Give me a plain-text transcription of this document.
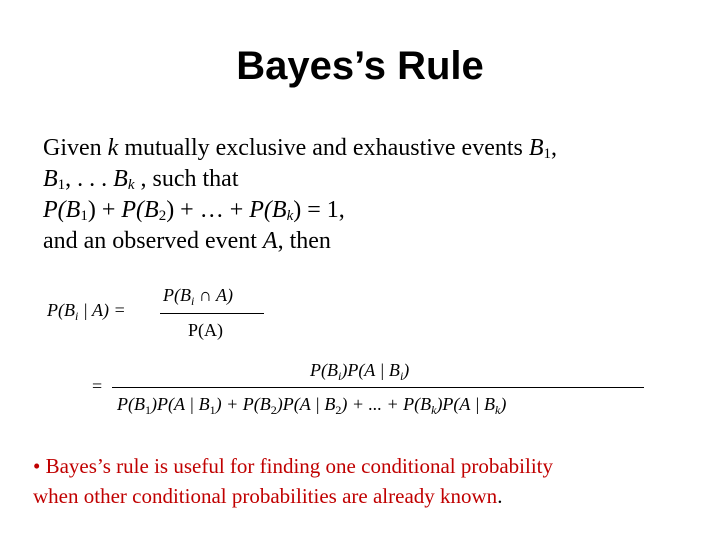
Bayes’s Rule
Given k mutually exclusive and exhaustive events $B_1$,
$B_1$, . . . $B_k$ , such that
$P(B_1) + P(B_2)$ + … + $P(B_k) = 1$,
and an observed event A, then
$P(B_i$ | A) =
$P(B_i$ ∩ A)
P(A)
=
$P(B_i)P(A$ | $B_i$)
$P(B_1)P(A$ | $B_1) + P(B_2)P(A$ | $B_2$) + ... + $P(B_k)P(A$ | $B_k$)
• Bayes’s rule is useful for finding one conditional probability
when other conditional probabilities are already known.
